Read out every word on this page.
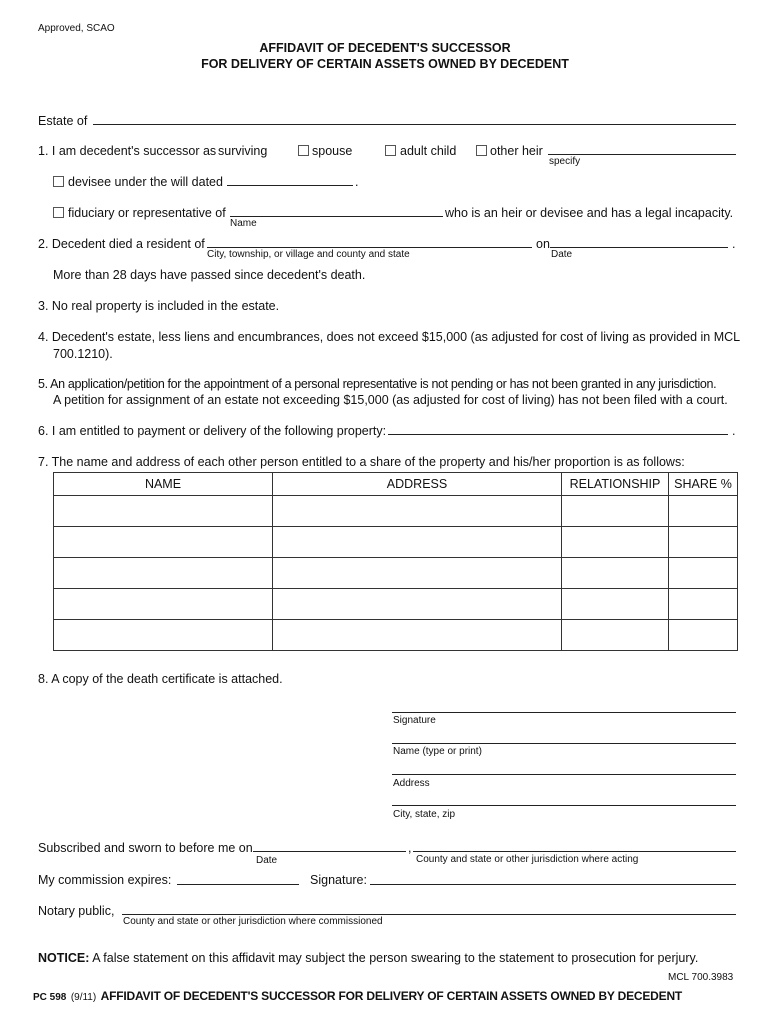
Approved, SCAO
AFFIDAVIT OF DECEDENT'S SUCCESSOR
FOR DELIVERY OF CERTAIN ASSETS OWNED BY DECEDENT
Estate of
1. I am decedent's successor as surviving	spouse	adult child	other heir
specify
devisee under the will dated	.
fiduciary or representative of
Name
who is an heir or devisee and has a legal incapacity.
2. Decedent died a resident of
City, township, or village and county and state
on
Date
.
More than 28 days have passed since decedent's death.
3. No real property is included in the estate.
4. Decedent's estate, less liens and encumbrances, does not exceed $15,000 (as adjusted for cost of living as provided in MCL
700.1210).
5. An application/petition for the appointment of a personal representative is not pending or has not been granted in any jurisdiction.
A petition for assignment of an estate not exceeding $15,000 (as adjusted for cost of living) has not been filed with a court.
6. I am entitled to payment or delivery of the following property:	.
7. The name and address of each other person entitled to a share of the property and his/her proportion is as follows:
NAME	ADDRESS	RELATIONSHIP	SHARE %

8. A copy of the death certificate is attached.
Signature
Name (type or print)
Address
City, state, zip
Subscribed and sworn to before me on
Date
,
County and state or other jurisdiction where acting
My commission expires:	Signature:
Notary public,
County and state or other jurisdiction where commissioned
NOTICE: A false statement on this affidavit may subject the person swearing to the statement to prosecution for perjury.
MCL 700.3983
PC 598 (9/11) AFFIDAVIT OF DECEDENT'S SUCCESSOR FOR DELIVERY OF CERTAIN ASSETS OWNED BY DECEDENT
